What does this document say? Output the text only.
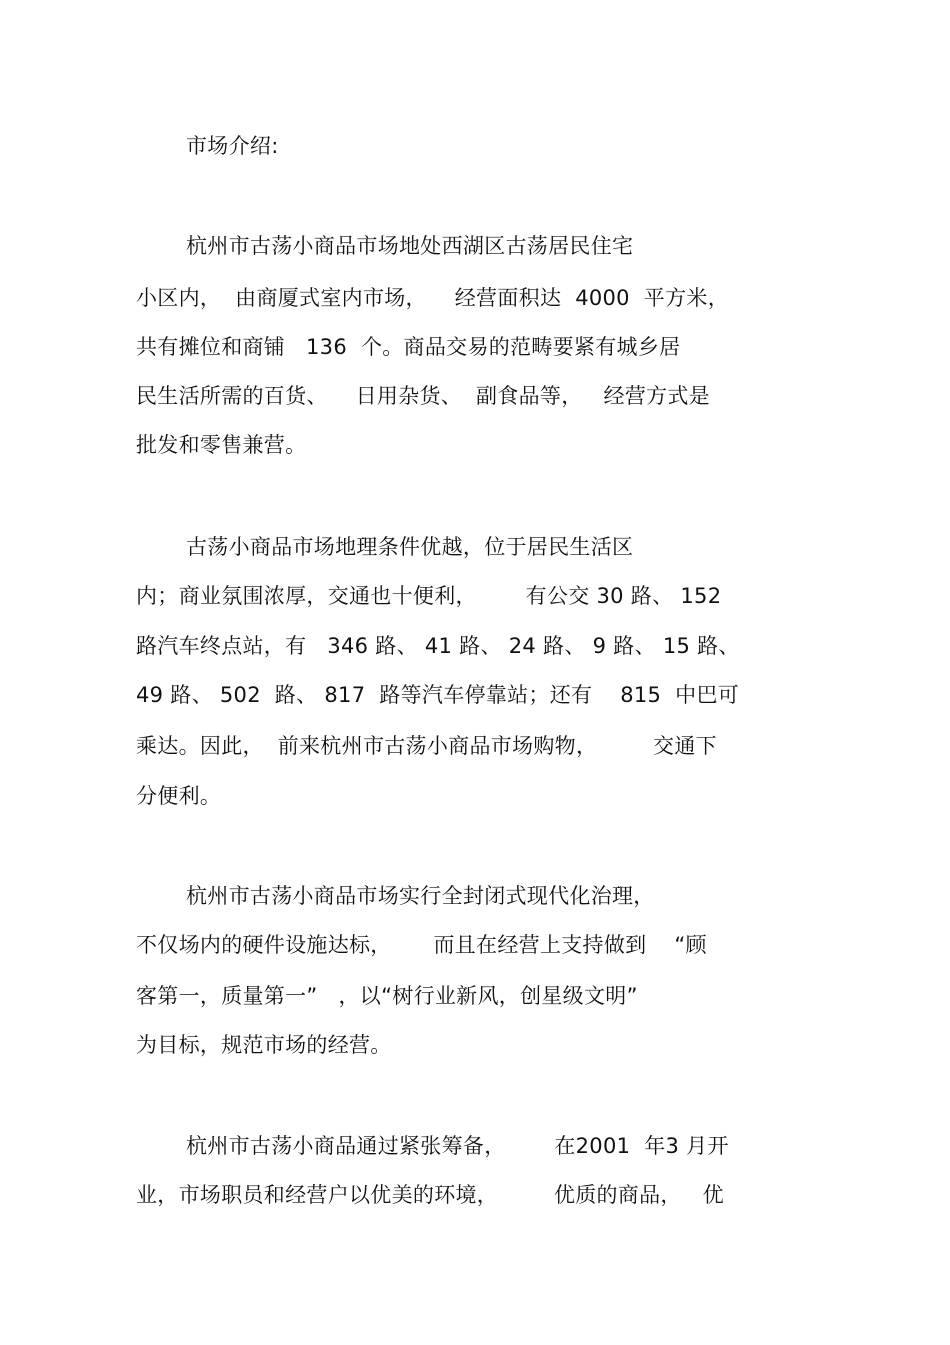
市场介绍:
杭州市古荡小商品市场地处西湖区古荡居民住宅
小区内，  由商厦式室内市场，    经营面积达  4000  平方米，
共有摊位和商铺   136  个。商品交易的范畴要紧有城乡居
民生活所需的百货、    日用杂货、  副食品等，   经营方式是
批发和零售兼营。
古荡小商品市场地理条件优越，位于居民生活区
内；商业氛围浓厚，交通也十便利，       有公交 30 路、 152
路汽车终点站，有   346 路、 41 路、 24 路、 9 路、 15 路、
49 路、 502  路、 817  路等汽车停靠站；还有    815  中巴可
乘达。因此，  前来杭州市古荡小商品市场购物，        交通下
分便利。
杭州市古荡小商品市场实行全封闭式现代化治理，
不仅场内的硬件设施达标，      而且在经营上支持做到    “顾
客第一，质量第一”   ，以“树行业新风，创星级文明”
为目标，规范市场的经营。
杭州市古荡小商品通过紧张筹备，       在2001  年3 月开
业，市场职员和经营户以优美的环境，        优质的商品，   优
